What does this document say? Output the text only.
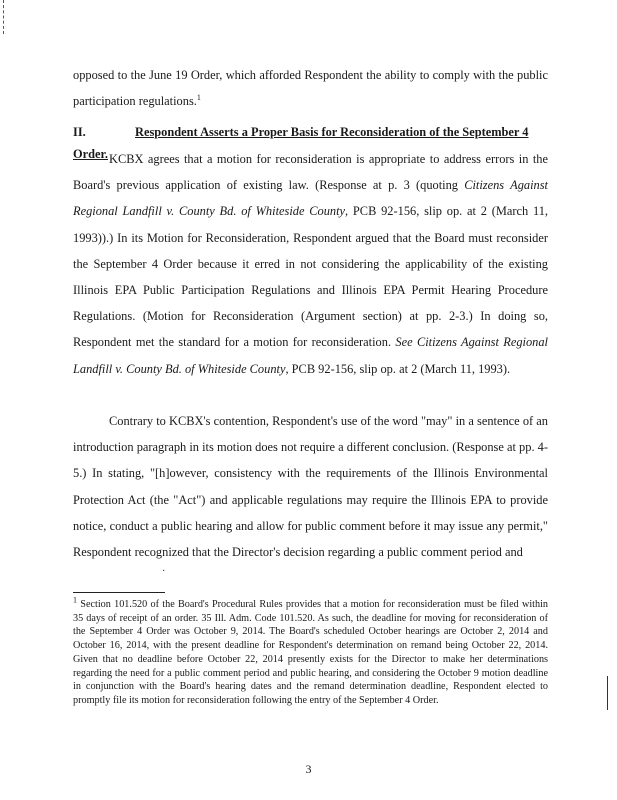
opposed to the June 19 Order, which afforded Respondent the ability to comply with the public participation regulations.$^1$

II.	Respondent Asserts a Proper Basis for Reconsideration of the September 4 Order. KCBX agrees that a motion for reconsideration is appropriate to address errors in the Board's previous application of existing law. (Response at p. 3 (quoting Citizens Against Regional Landfill v. County Bd. of Whiteside County, PCB 92-156, slip op. at 2 (March 11, 1993)).) In its Motion for Reconsideration, Respondent argued that the Board must reconsider the September 4 Order because it erred in not considering the applicability of the existing Illinois EPA Public Participation Regulations and Illinois EPA Permit Hearing Procedure Regulations. (Motion for Reconsideration (Argument section) at pp. 2-3.) In doing so, Respondent met the standard for a motion for reconsideration. See Citizens Against Regional Landfill v. County Bd. of Whiteside County, PCB 92-156, slip op. at 2 (March 11, 1993).

Contrary to KCBX's contention, Respondent's use of the word "may" in a sentence of an introduction paragraph in its motion does not require a different conclusion. (Response at pp. 4-5.) In stating, "[h]owever, consistency with the requirements of the Illinois Environmental Protection Act (the "Act") and applicable regulations may require the Illinois EPA to provide notice, conduct a public hearing and allow for public comment before it may issue any permit," Respondent recognized that the Director's decision regarding a public comment period and

·

$^1$ Section 101.520 of the Board's Procedural Rules provides that a motion for reconsideration must be filed within 35 days of receipt of an order. 35 Ill. Adm. Code 101.520. As such, the deadline for moving for reconsideration of the September 4 Order was October 9, 2014. The Board's scheduled October hearings are October 2, 2014 and October 16, 2014, with the present deadline for Respondent's determination on remand being October 22, 2014. Given that no deadline before October 22, 2014 presently exists for the Director to make her determinations regarding the need for a public comment period and public hearing, and considering the October 9 motion deadline in conjunction with the Board's hearing dates and the remand determination deadline, Respondent elected to promptly file its motion for reconsideration following the entry of the September 4 Order.

3
